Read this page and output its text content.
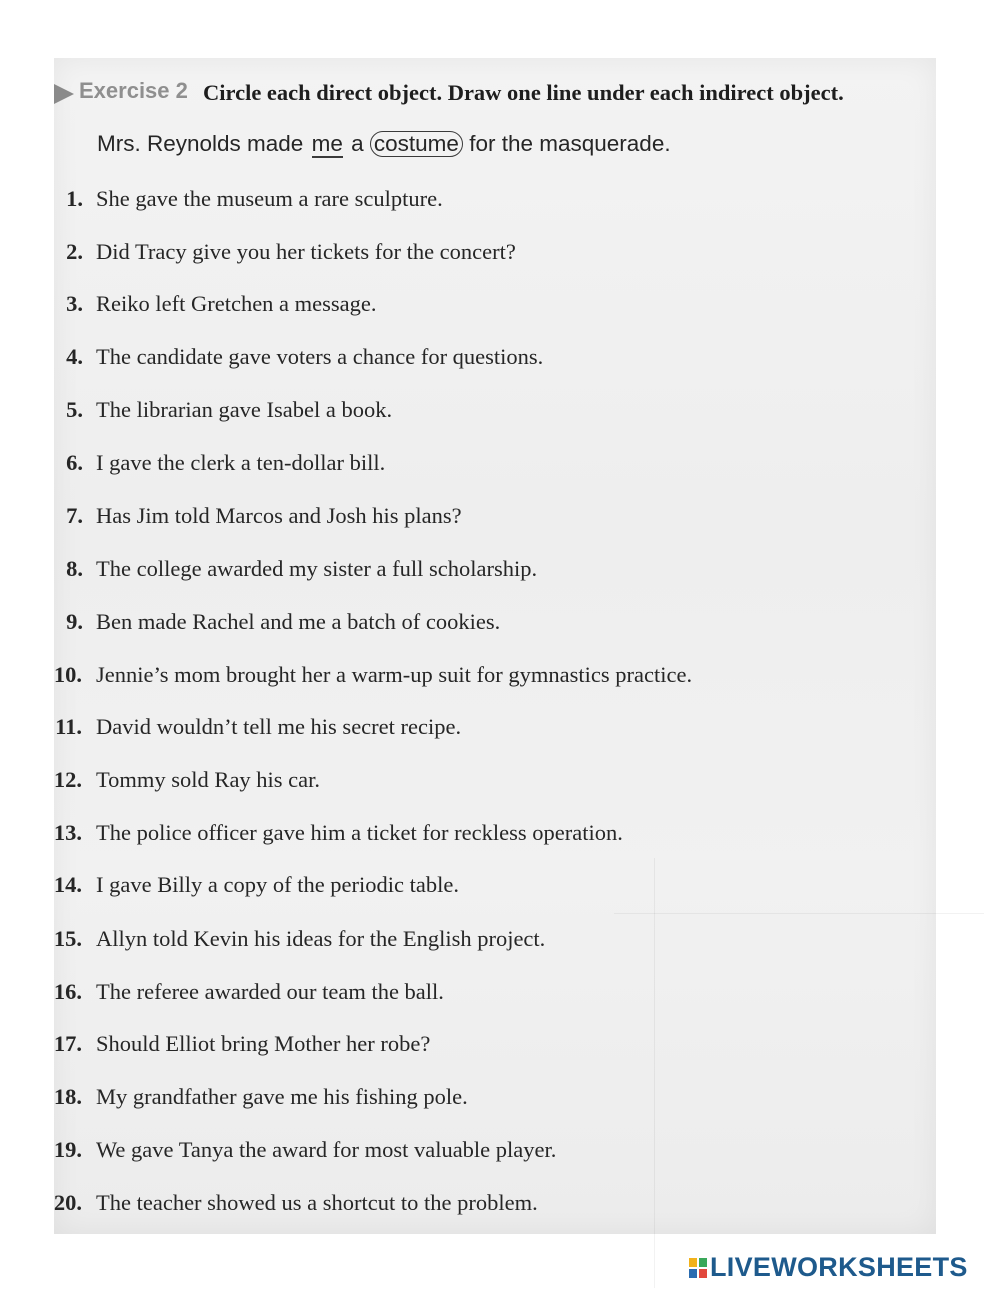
Exercise 2 Circle each direct object. Draw one line under each indirect object.
Mrs. Reynolds made me a costume for the masquerade.
1. She gave the museum a rare sculpture.
2. Did Tracy give you her tickets for the concert?
3. Reiko left Gretchen a message.
4. The candidate gave voters a chance for questions.
5. The librarian gave Isabel a book.
6. I gave the clerk a ten-dollar bill.
7. Has Jim told Marcos and Josh his plans?
8. The college awarded my sister a full scholarship.
9. Ben made Rachel and me a batch of cookies.
10. Jennie’s mom brought her a warm-up suit for gymnastics practice.
11. David wouldn’t tell me his secret recipe.
12. Tommy sold Ray his car.
13. The police officer gave him a ticket for reckless operation.
14. I gave Billy a copy of the periodic table.
15. Allyn told Kevin his ideas for the English project.
16. The referee awarded our team the ball.
17. Should Elliot bring Mother her robe?
18. My grandfather gave me his fishing pole.
19. We gave Tanya the award for most valuable player.
20. The teacher showed us a shortcut to the problem.
LIVEWORKSHEETS
